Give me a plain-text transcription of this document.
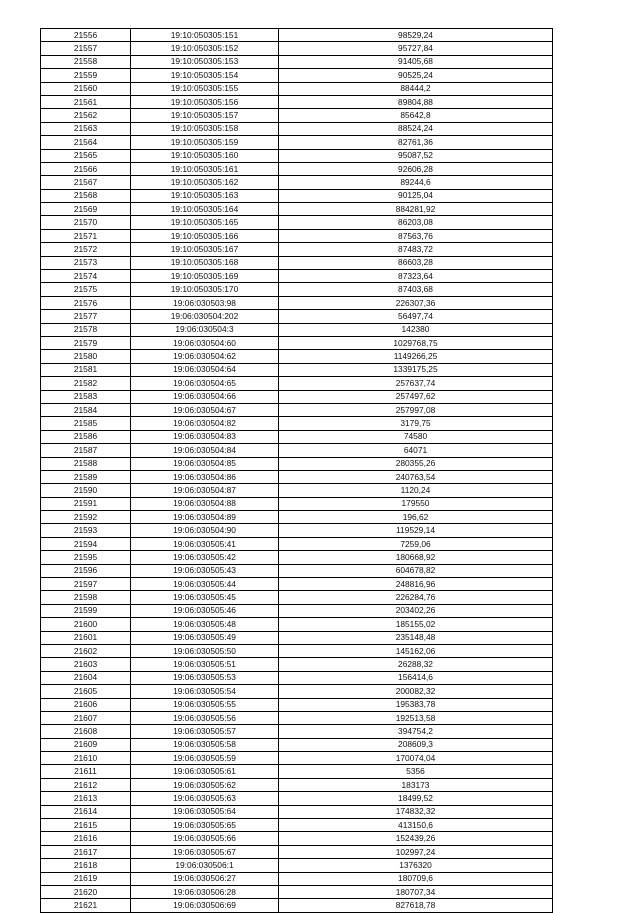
21556	19:10:050305:151	98529,24
21557	19:10:050305:152	95727,84
21558	19:10:050305:153	91405,68
21559	19:10:050305:154	90525,24
21560	19:10:050305:155	88444,2
21561	19:10:050305:156	89804,88
21562	19:10:050305:157	85642,8
21563	19:10:050305:158	88524,24
21564	19:10:050305:159	82761,36
21565	19:10:050305:160	95087,52
21566	19:10:050305:161	92606,28
21567	19:10:050305:162	89244,6
21568	19:10:050305:163	90125,04
21569	19:10:050305:164	884281,92
21570	19:10:050305:165	86203,08
21571	19:10:050305:166	87563,76
21572	19:10:050305:167	87483,72
21573	19:10:050305:168	86603,28
21574	19:10:050305:169	87323,64
21575	19:10:050305:170	87403,68
21576	19:06:030503:98	226307,36
21577	19:06:030504:202	56497,74
21578	19:06:030504:3	142380
21579	19:06:030504:60	1029768,75
21580	19:06:030504:62	1149266,25
21581	19:06:030504:64	1339175,25
21582	19:06:030504:65	257637,74
21583	19:06:030504:66	257497,62
21584	19:06:030504:67	257997,08
21585	19:06:030504:82	3179,75
21586	19:06:030504:83	74580
21587	19:06:030504:84	64071
21588	19:06:030504:85	280355,26
21589	19:06:030504:86	240763,54
21590	19:06:030504:87	1120,24
21591	19:06:030504:88	179550
21592	19:06:030504:89	196,62
21593	19:06:030504:90	119529,14
21594	19:06:030505:41	7259,06
21595	19:06:030505:42	180668,92
21596	19:06:030505:43	604678,82
21597	19:06:030505:44	248816,96
21598	19:06:030505:45	226284,76
21599	19:06:030505:46	203402,26
21600	19:06:030505:48	185155,02
21601	19:06:030505:49	235148,48
21602	19:06:030505:50	145162,06
21603	19:06:030505:51	26288,32
21604	19:06:030505:53	156414,6
21605	19:06:030505:54	200082,32
21606	19:06:030505:55	195383,78
21607	19:06:030505:56	192513,58
21608	19:06:030505:57	394754,2
21609	19:06:030505:58	208609,3
21610	19:06:030505:59	170074,04
21611	19:06:030505:61	5356
21612	19:06:030505:62	183173
21613	19:06:030505:63	18499,52
21614	19:06:030505:64	174832,32
21615	19:06:030505:65	413150,6
21616	19:06:030505:66	152439,26
21617	19:06:030505:67	102997,24
21618	19:06:030506:1	1376320
21619	19:06:030506:27	180709,6
21620	19:06:030506:28	180707,34
21621	19:06:030506:69	827618,78
